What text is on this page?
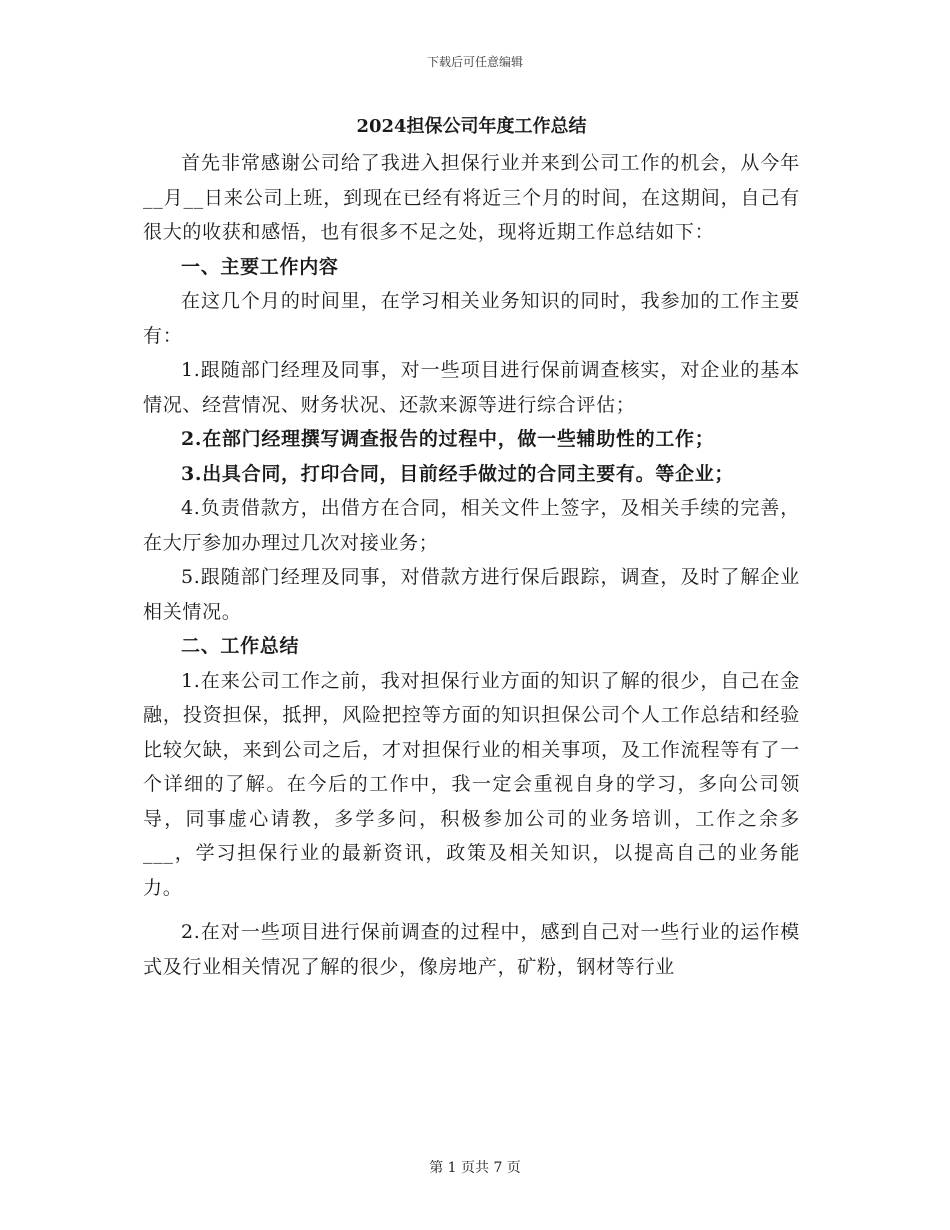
下载后可任意编辑
2024担保公司年度工作总结

首先非常感谢公司给了我进入担保行业并来到公司工作的机会，从今年__月__日来公司上班，到现在已经有将近三个月的时间，在这期间，自己有很大的收获和感悟，也有很多不足之处，现将近期工作总结如下：

一、主要工作内容

在这几个月的时间里，在学习相关业务知识的同时，我参加的工作主要有：

1.跟随部门经理及同事，对一些项目进行保前调查核实，对企业的基本情况、经营情况、财务状况、还款来源等进行综合评估；

2.在部门经理撰写调查报告的过程中，做一些辅助性的工作；

3.出具合同，打印合同，目前经手做过的合同主要有。等企业；

4.负责借款方，出借方在合同，相关文件上签字，及相关手续的完善，在大厅参加办理过几次对接业务；

5.跟随部门经理及同事，对借款方进行保后跟踪，调查，及时了解企业相关情况。

二、工作总结

1.在来公司工作之前，我对担保行业方面的知识了解的很少，自己在金融，投资担保，抵押，风险把控等方面的知识担保公司个人工作总结和经验比较欠缺，来到公司之后，才对担保行业的相关事项，及工作流程等有了一个详细的了解。在今后的工作中，我一定会重视自身的学习，多向公司领导，同事虚心请教，多学多问，积极参加公司的业务培训，工作之余多___，学习担保行业的最新资讯，政策及相关知识，以提高自己的业务能力。

2.在对一些项目进行保前调查的过程中，感到自己对一些行业的运作模式及行业相关情况了解的很少，像房地产，矿粉，钢材等行业

第 1 页共 7 页
